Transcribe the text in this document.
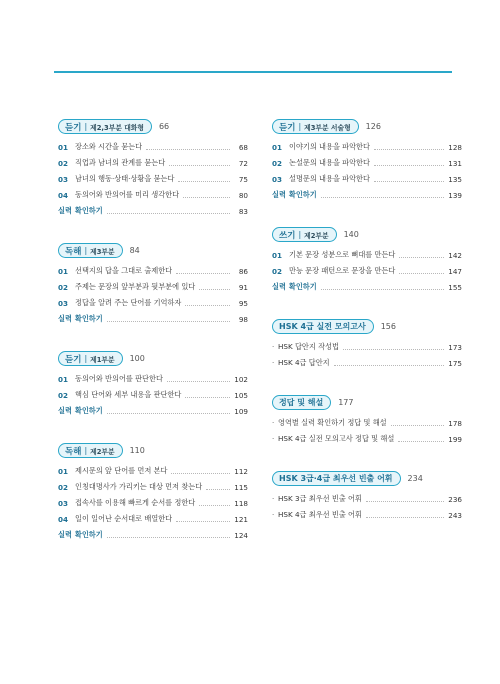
듣기 | 제2,3부분 대화형 66
01 장소와 시간을 묻는다	68
02 직업과 남녀의 관계를 묻는다	72
03 남녀의 행동·상태·상황을 묻는다	75
04 동의어와 반의어를 미리 생각한다	80
실력 확인하기	83
독해 | 제3부분 84
01 선택지의 답을 그대로 출제한다	86
02 주제는 문장의 앞부분과 뒷부분에 있다	91
03 정답을 알려 주는 단어를 기억하자	95
실력 확인하기	98
듣기 | 제1부분 100
01 동의어와 반의어를 판단한다	102
02 핵심 단어와 세부 내용을 판단한다	105
실력 확인하기	109
독해 | 제2부분 110
01 제시문의 앞 단어를 먼저 본다	112
02 인칭대명사가 가리키는 대상 먼저 찾는다	115
03 접속사를 이용해 빠르게 순서를 정한다	118
04 일이 일어난 순서대로 배열한다	121
실력 확인하기	124
듣기 | 제3부분 서술형 126
01 이야기의 내용을 파악한다	128
02 논설문의 내용을 파악한다	131
03 설명문의 내용을 파악한다	135
실력 확인하기	139
쓰기 | 제2부분 140
01 기본 문장 성분으로 뼈대를 만든다	142
02 만능 문장 패턴으로 문장을 만든다	147
실력 확인하기	155
HSK 4급 실전 모의고사 156
· HSK 답안지 작성법	173
· HSK 4급 답안지	175
정답 및 해설 177
· 영역별 실력 확인하기 정답 및 해설	178
· HSK 4급 실전 모의고사 정답 및 해설	199
HSK 3급·4급 최우선 빈출 어휘 234
· HSK 3급 최우선 빈출 어휘	236
· HSK 4급 최우선 빈출 어휘	243
